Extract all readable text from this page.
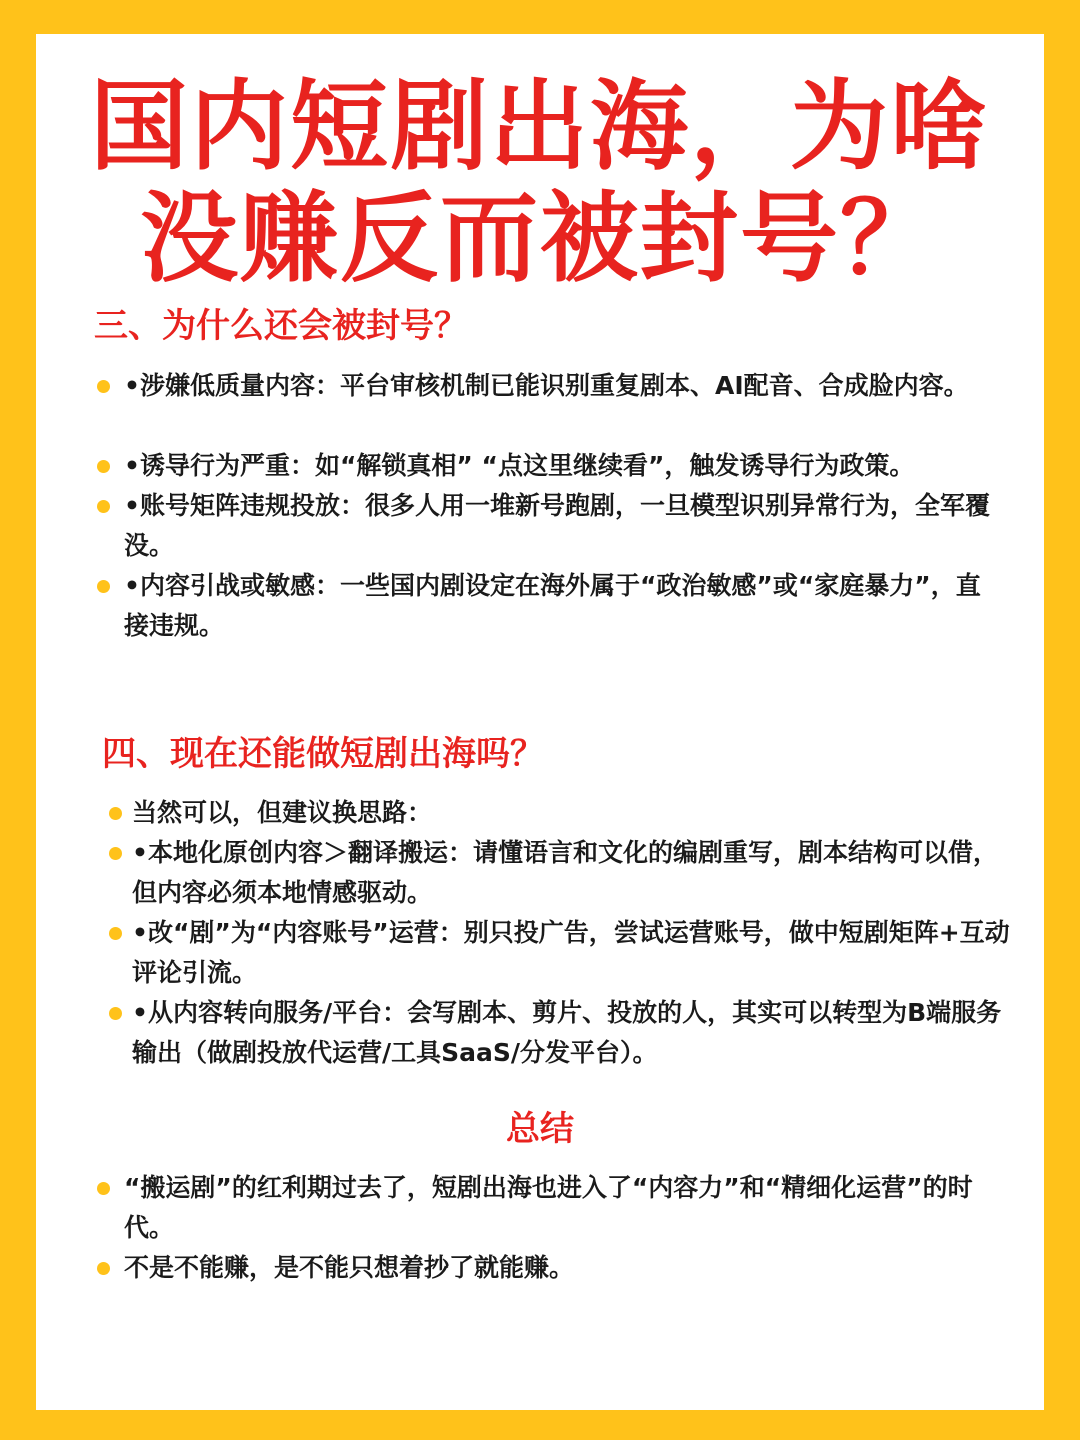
国内短剧出海，为啥
没赚反而被封号？
三、为什么还会被封号？
•涉嫌低质量内容：平台审核机制已能识别重复剧本、AI配音、合成脸内容。
•诱导行为严重：如“解锁真相” “点这里继续看”，触发诱导行为政策。
•账号矩阵违规投放：很多人用一堆新号跑剧，一旦模型识别异常行为，全军覆没。
•内容引战或敏感：一些国内剧设定在海外属于“政治敏感”或“家庭暴力”，直接违规。
四、现在还能做短剧出海吗？
当然可以，但建议换思路：
•本地化原创内容＞翻译搬运：请懂语言和文化的编剧重写，剧本结构可以借，但内容必须本地情感驱动。
•改“剧”为“内容账号”运营：别只投广告，尝试运营账号，做中短剧矩阵+互动评论引流。
•从内容转向服务/平台：会写剧本、剪片、投放的人，其实可以转型为B端服务输出（做剧投放代运营/工具SaaS/分发平台）。
总结
“搬运剧”的红利期过去了，短剧出海也进入了“内容力”和“精细化运营”的时代。
不是不能赚，是不能只想着抄了就能赚。
